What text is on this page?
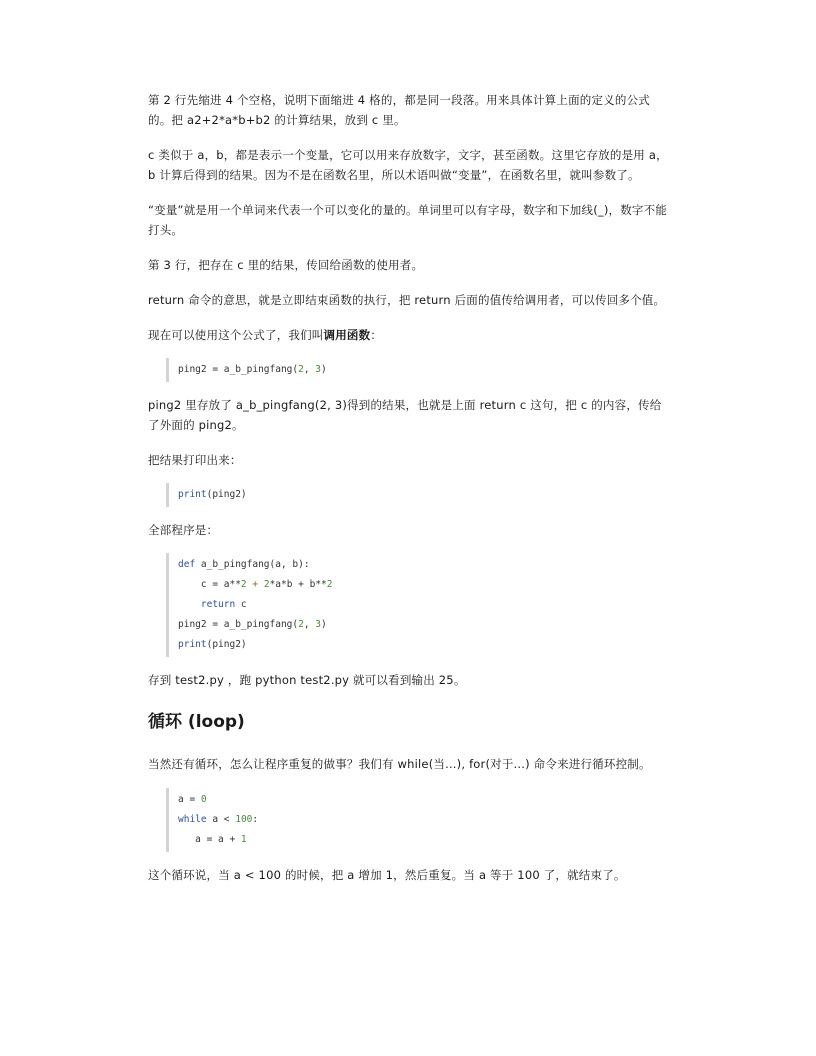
第 2 行先缩进 4 个空格，说明下面缩进 4 格的，都是同一段落。用来具体计算上面的定义的公式的。把 a2+2*a*b+b2 的计算结果，放到 c 里。

c 类似于 a，b，都是表示一个变量，它可以用来存放数字，文字，甚至函数。这里它存放的是用 a，b 计算后得到的结果。因为不是在函数名里，所以术语叫做“变量”，在函数名里，就叫参数了。

“变量”就是用一个单词来代表一个可以变化的量的。单词里可以有字母，数字和下加线(_)，数字不能打头。

第 3 行，把存在 c 里的结果，传回给函数的使用者。

return 命令的意思，就是立即结束函数的执行，把 return 后面的值传给调用者，可以传回多个值。

现在可以使用这个公式了，我们叫调用函数：

ping2 = a_b_pingfang(2, 3)

ping2 里存放了 a_b_pingfang(2, 3)得到的结果，也就是上面 return c 这句，把 c 的内容，传给了外面的 ping2。

把结果打印出来：

print(ping2)

全部程序是：

def a_b_pingfang(a, b):
c = a**2 + 2*a*b + b**2
return c
ping2 = a_b_pingfang(2, 3)
print(ping2)

存到 test2.py ，跑 python test2.py 就可以看到输出 25。

循环 (loop)

当然还有循环，怎么让程序重复的做事？我们有 while(当...), for(对于...) 命令来进行循环控制。

a = 0
while a < 100:
a = a + 1

这个循环说，当 a < 100 的时候，把 a 增加 1，然后重复。当 a 等于 100 了，就结束了。
